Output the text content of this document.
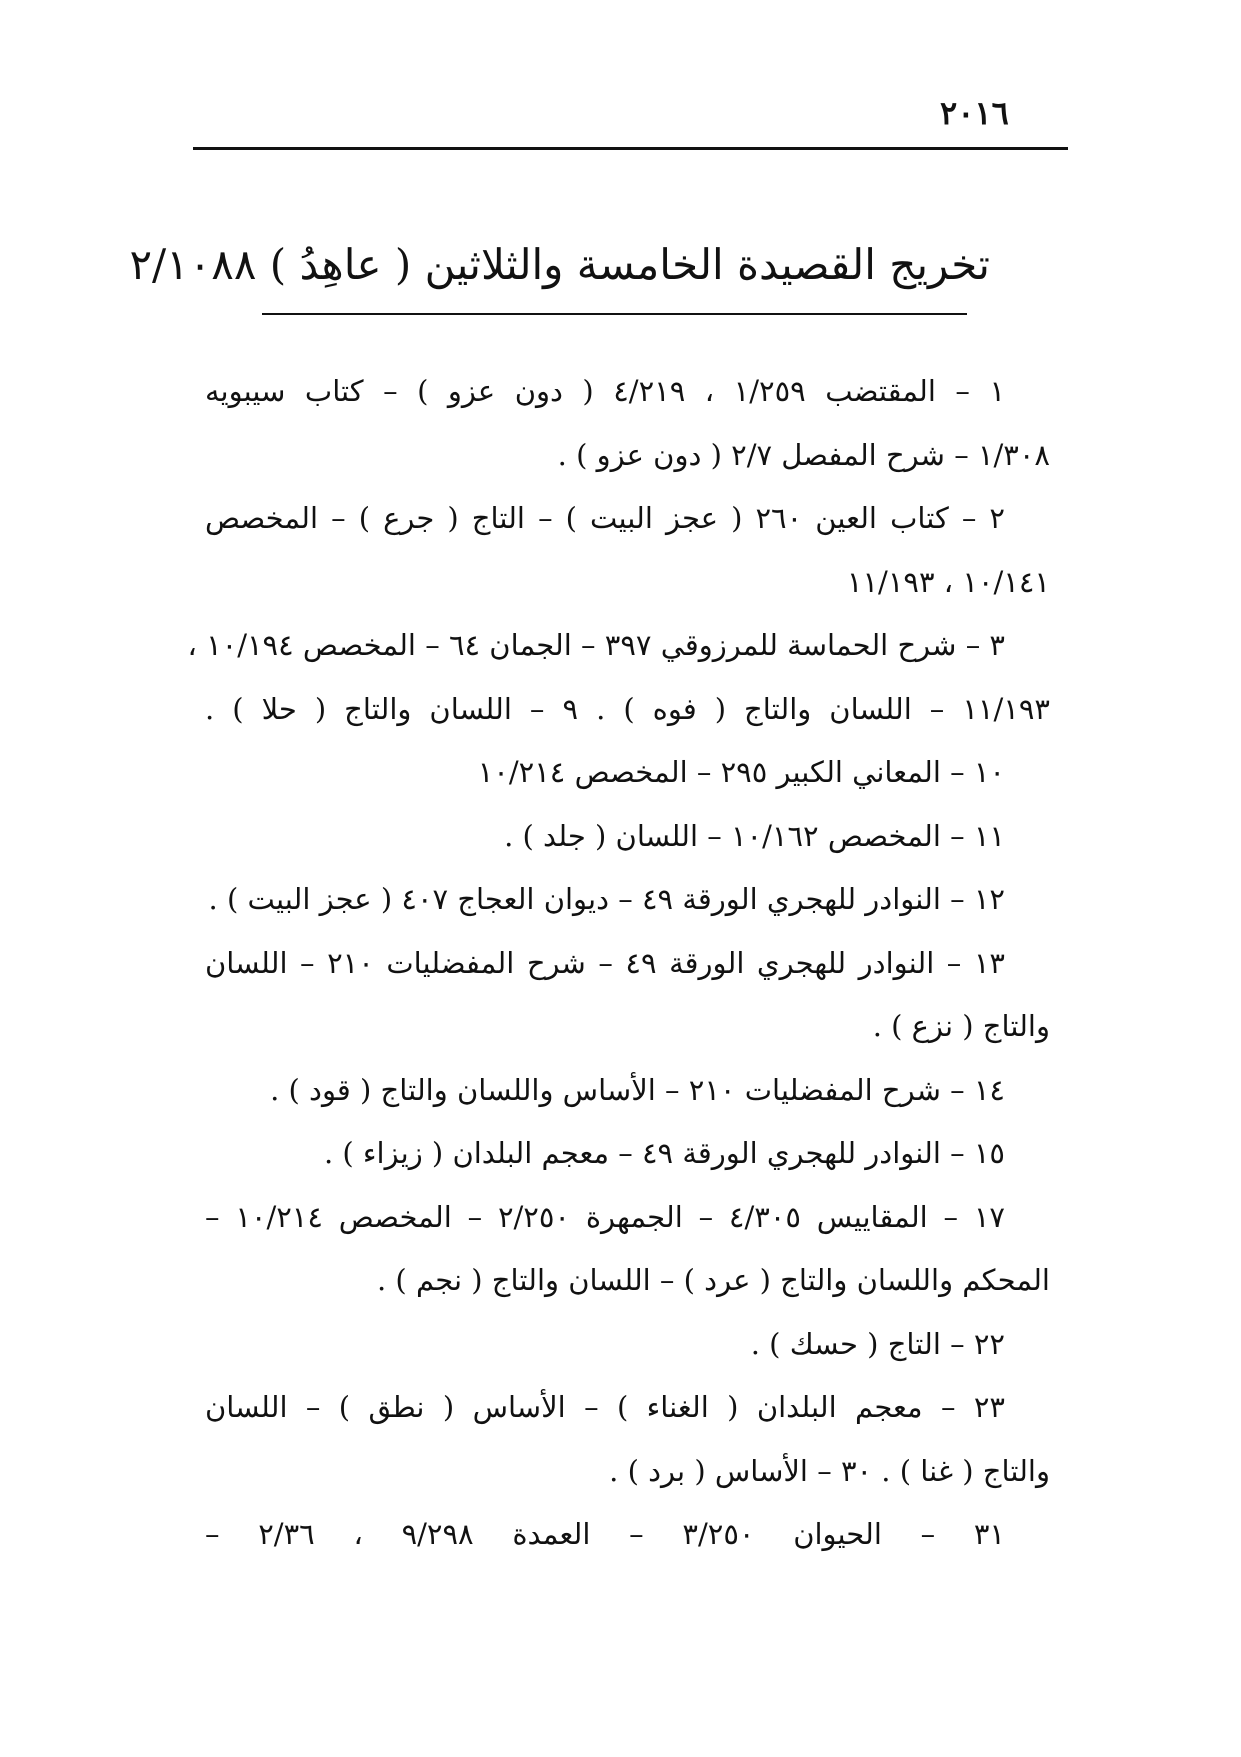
٢٠١٦
تخريج القصيدة الخامسة والثلاثين ( عاهِدُ ) ٢/١٠٨٨
١ – المقتضب ١/٢٥٩ ، ٤/٢١٩ ( دون عزو ) – كتاب سيبويه
١/٣٠٨ – شرح المفصل ٢/٧ ( دون عزو ) .
٢ – كتاب العين ٢٦٠ ( عجز البيت ) – التاج ( جرع ) – المخصص
١٠/١٤١ ، ١١/١٩٣
٣ – شرح الحماسة للمرزوقي ٣٩٧ – الجمان ٦٤ – المخصص ١٠/١٩٤ ،
١١/١٩٣ – اللسان والتاج ( فوه ) . ٩ – اللسان والتاج ( حلا ) .
١٠ – المعاني الكبير ٢٩٥ – المخصص ١٠/٢١٤
١١ – المخصص ١٠/١٦٢ – اللسان ( جلد ) .
١٢ – النوادر للهجري الورقة ٤٩ – ديوان العجاج ٤٠٧ ( عجز البيت ) .
١٣ – النوادر للهجري الورقة ٤٩ – شرح المفضليات ٢١٠ – اللسان
والتاج ( نزع ) .
١٤ – شرح المفضليات ٢١٠ – الأساس واللسان والتاج ( قود ) .
١٥ – النوادر للهجري الورقة ٤٩ – معجم البلدان ( زيزاء ) .
١٧ – المقاييس ٤/٣٠٥ – الجمهرة ٢/٢٥٠ – المخصص ١٠/٢١٤ –
المحكم واللسان والتاج ( عرد ) – اللسان والتاج ( نجم ) .
٢٢ – التاج ( حسك ) .
٢٣ – معجم البلدان ( الغناء ) – الأساس ( نطق ) – اللسان
والتاج ( غنا ) . ٣٠ – الأساس ( برد ) .
٣١ – الحيوان ٣/٢٥٠ – العمدة ٩/٢٩٨ ، ٢/٣٦ –
